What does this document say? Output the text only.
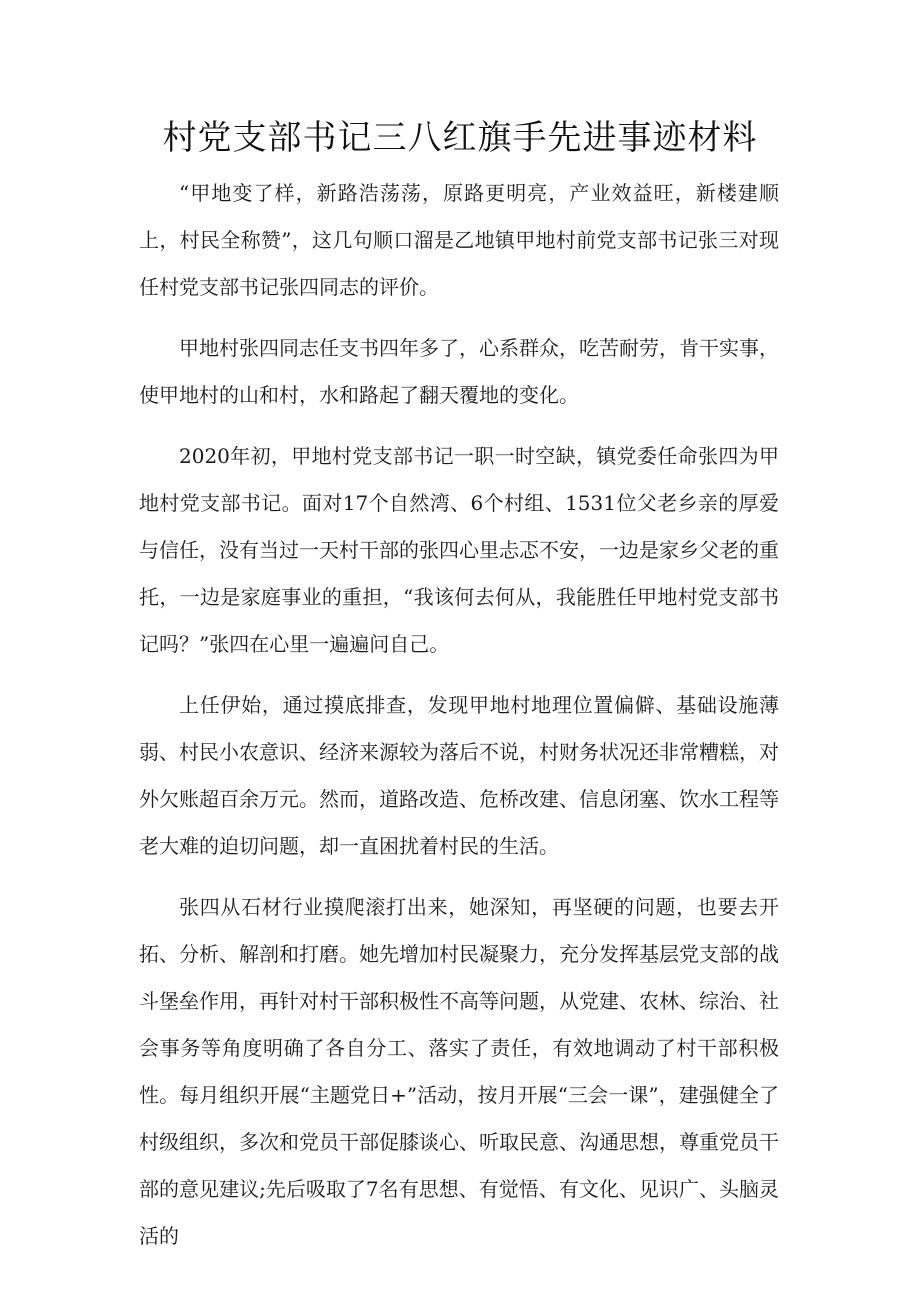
村党支部书记三八红旗手先进事迹材料

“甲地变了样，新路浩荡荡，原路更明亮，产业效益旺，新楼建顺上，村民全称赞”，这几句顺口溜是乙地镇甲地村前党支部书记张三对现任村党支部书记张四同志的评价。

甲地村张四同志任支书四年多了，心系群众，吃苦耐劳，肯干实事，使甲地村的山和村，水和路起了翻天覆地的变化。

2020年初，甲地村党支部书记一职一时空缺，镇党委任命张四为甲地村党支部书记。面对17个自然湾、6个村组、1531位父老乡亲的厚爱与信任，没有当过一天村干部的张四心里忐忑不安，一边是家乡父老的重托，一边是家庭事业的重担，“我该何去何从，我能胜任甲地村党支部书记吗？”张四在心里一遍遍问自己。

上任伊始，通过摸底排查，发现甲地村地理位置偏僻、基础设施薄弱、村民小农意识、经济来源较为落后不说，村财务状况还非常糟糕，对外欠账超百余万元。然而，道路改造、危桥改建、信息闭塞、饮水工程等老大难的迫切问题，却一直困扰着村民的生活。

张四从石材行业摸爬滚打出来，她深知，再坚硬的问题，也要去开拓、分析、解剖和打磨。她先增加村民凝聚力，充分发挥基层党支部的战斗堡垒作用，再针对村干部积极性不高等问题，从党建、农林、综治、社会事务等角度明确了各自分工、落实了责任，有效地调动了村干部积极性。每月组织开展“主题党日+”活动，按月开展“三会一课”，建强健全了村级组织，多次和党员干部促膝谈心、听取民意、沟通思想，尊重党员干部的意见建议;先后吸取了7名有思想、有觉悟、有文化、见识广、头脑灵活的
